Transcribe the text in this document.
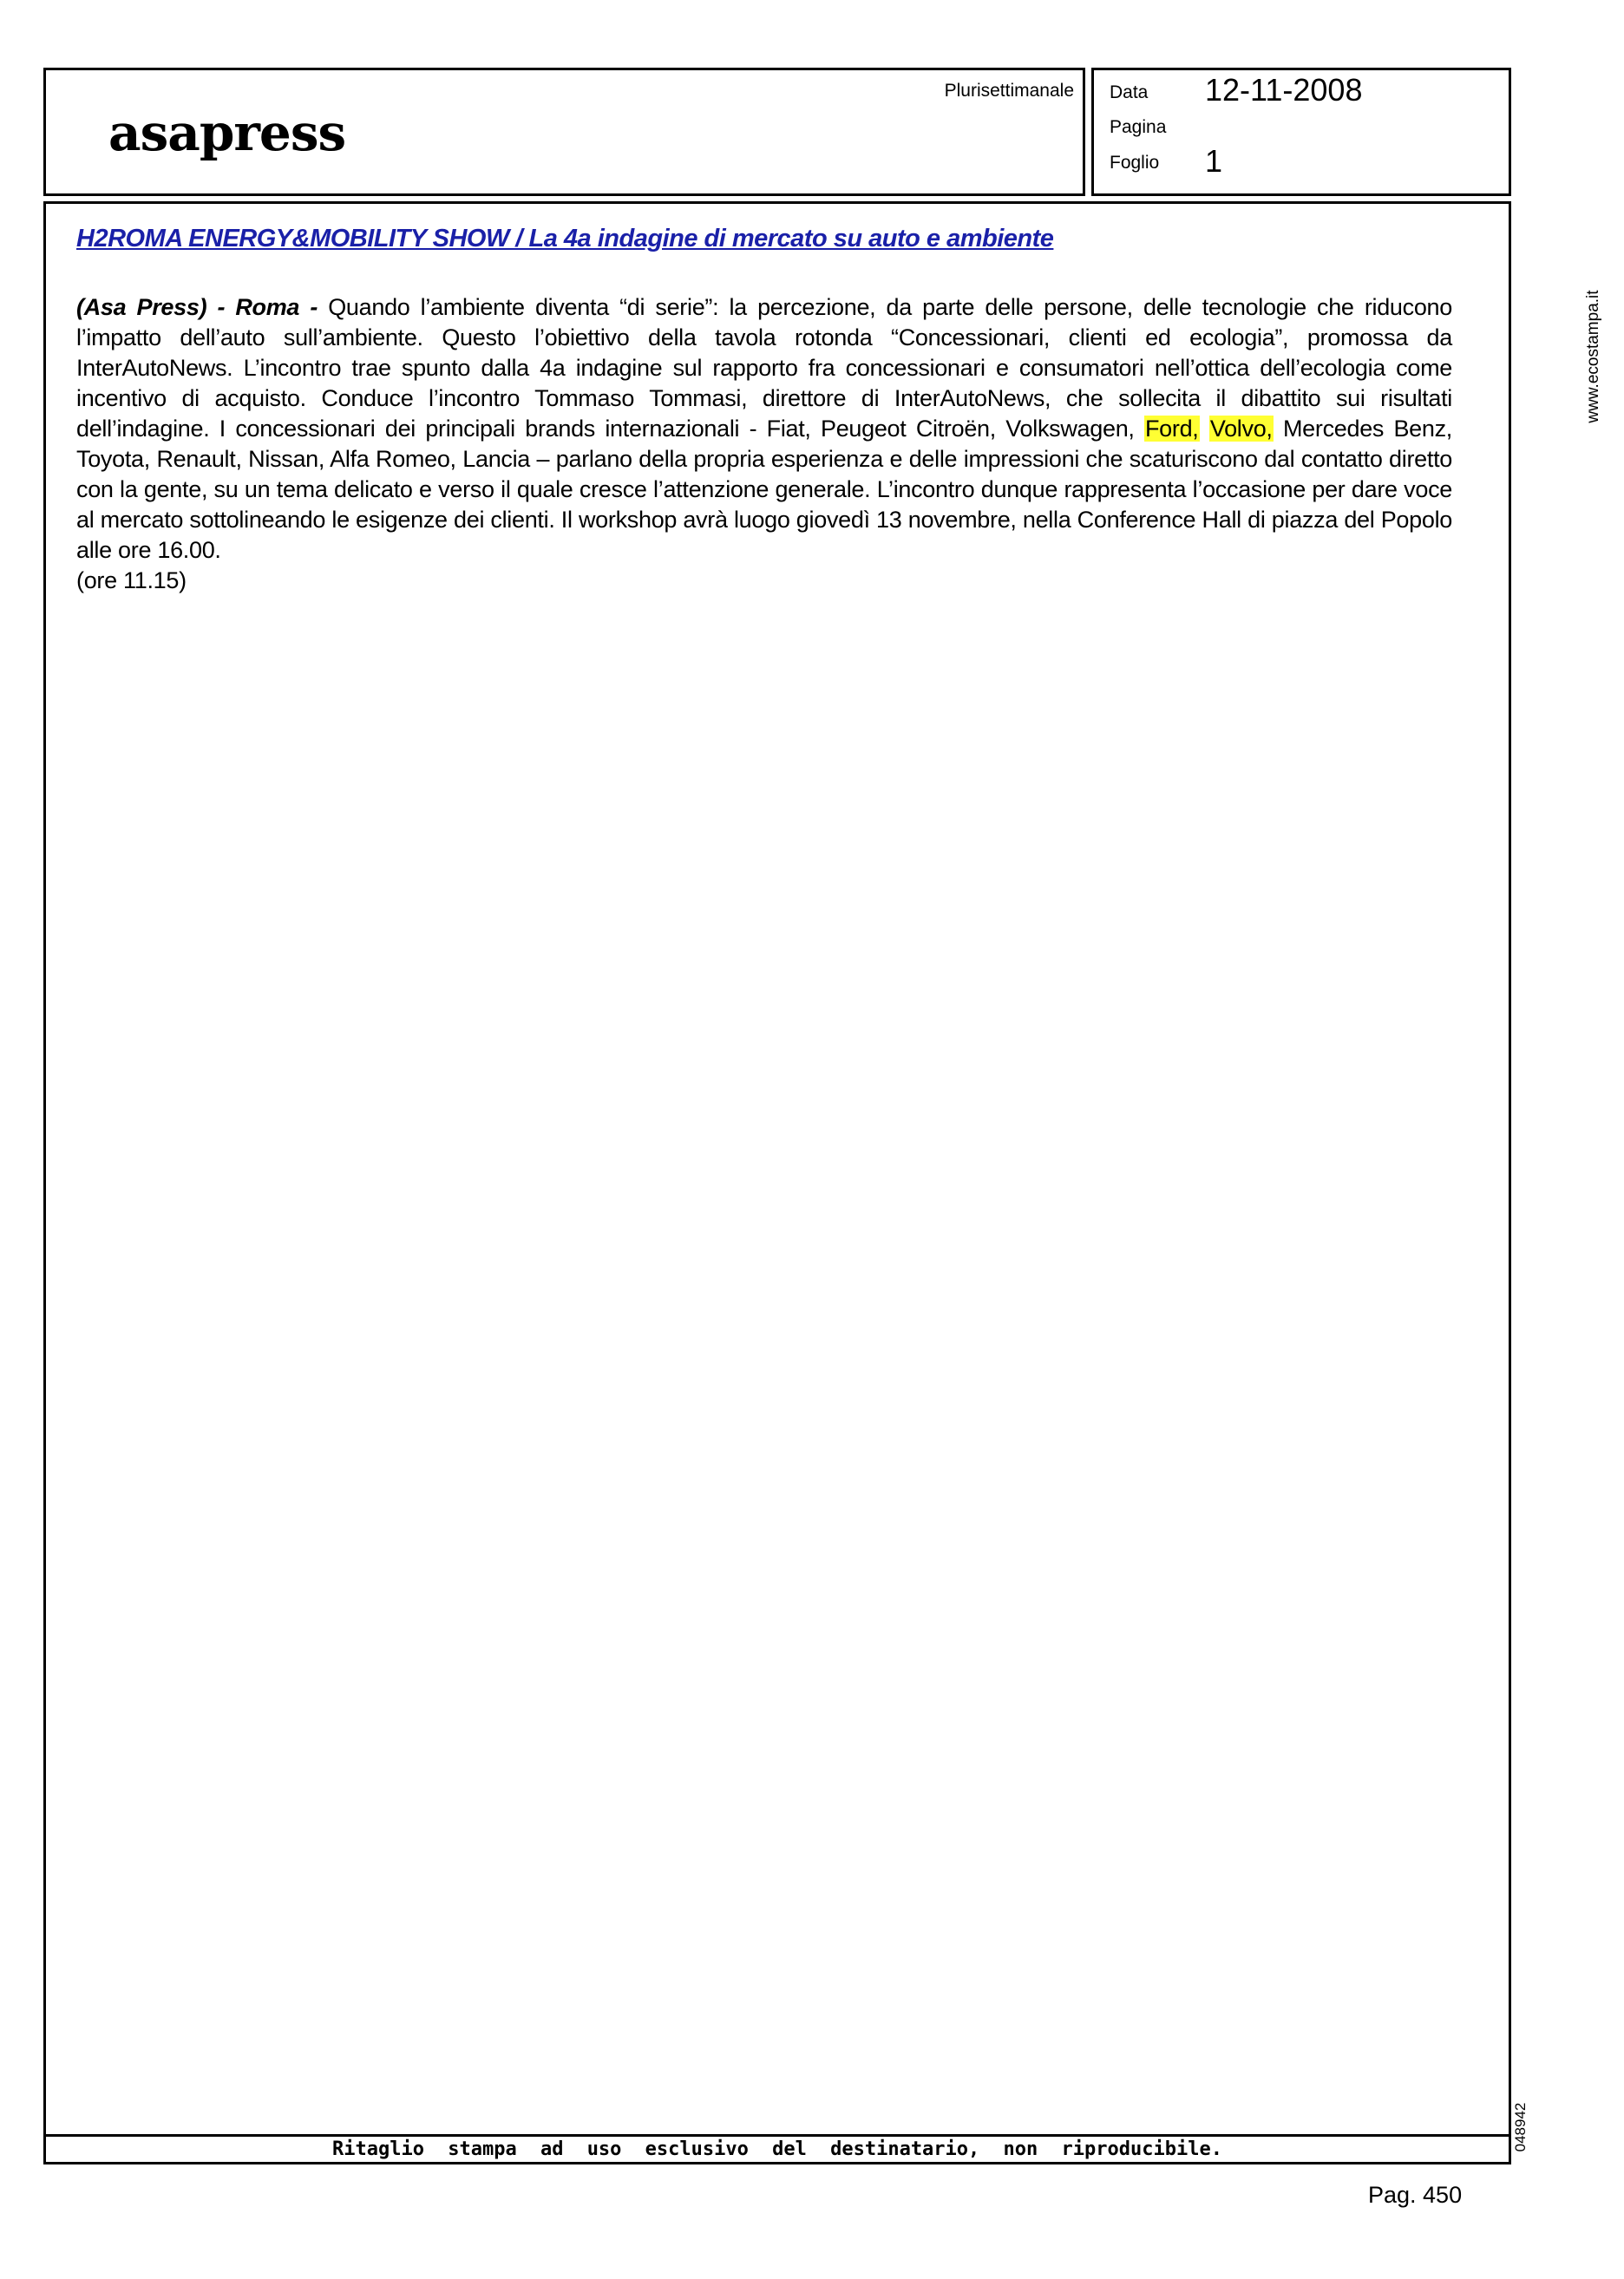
asapress
Plurisettimanale Data 12-11-2008
Pagina
Foglio 1
H2ROMA ENERGY&MOBILITY SHOW / La 4a indagine di mercato su auto e ambiente
(Asa Press) - Roma - Quando l’ambiente diventa “di serie”: la percezione, da parte delle persone, delle tecnologie che riducono l’impatto dell’auto sull’ambiente. Questo l’obiettivo della tavola rotonda “Concessionari, clienti ed ecologia”, promossa da InterAutoNews. L’incontro trae spunto dalla 4a indagine sul rapporto fra concessionari e consumatori nell’ottica dell’ecologia come incentivo di acquisto. Conduce l’incontro Tommaso Tommasi, direttore di InterAutoNews, che sollecita il dibattito sui risultati dell’indagine. I concessionari dei principali brands internazionali - Fiat, Peugeot Citroën, Volkswagen, Ford, Volvo, Mercedes Benz, Toyota, Renault, Nissan, Alfa Romeo, Lancia – parlano della propria esperienza e delle impressioni che scaturiscono dal contatto diretto con la gente, su un tema delicato e verso il quale cresce l’attenzione generale. L’incontro dunque rappresenta l’occasione per dare voce al mercato sottolineando le esigenze dei clienti. Il workshop avrà luogo giovedì 13 novembre, nella Conference Hall di piazza del Popolo alle ore 16.00.
(ore 11.15)
Ritaglio stampa ad uso esclusivo del destinatario, non riproducibile.
www.ecostampa.it
048942
Pag. 450
